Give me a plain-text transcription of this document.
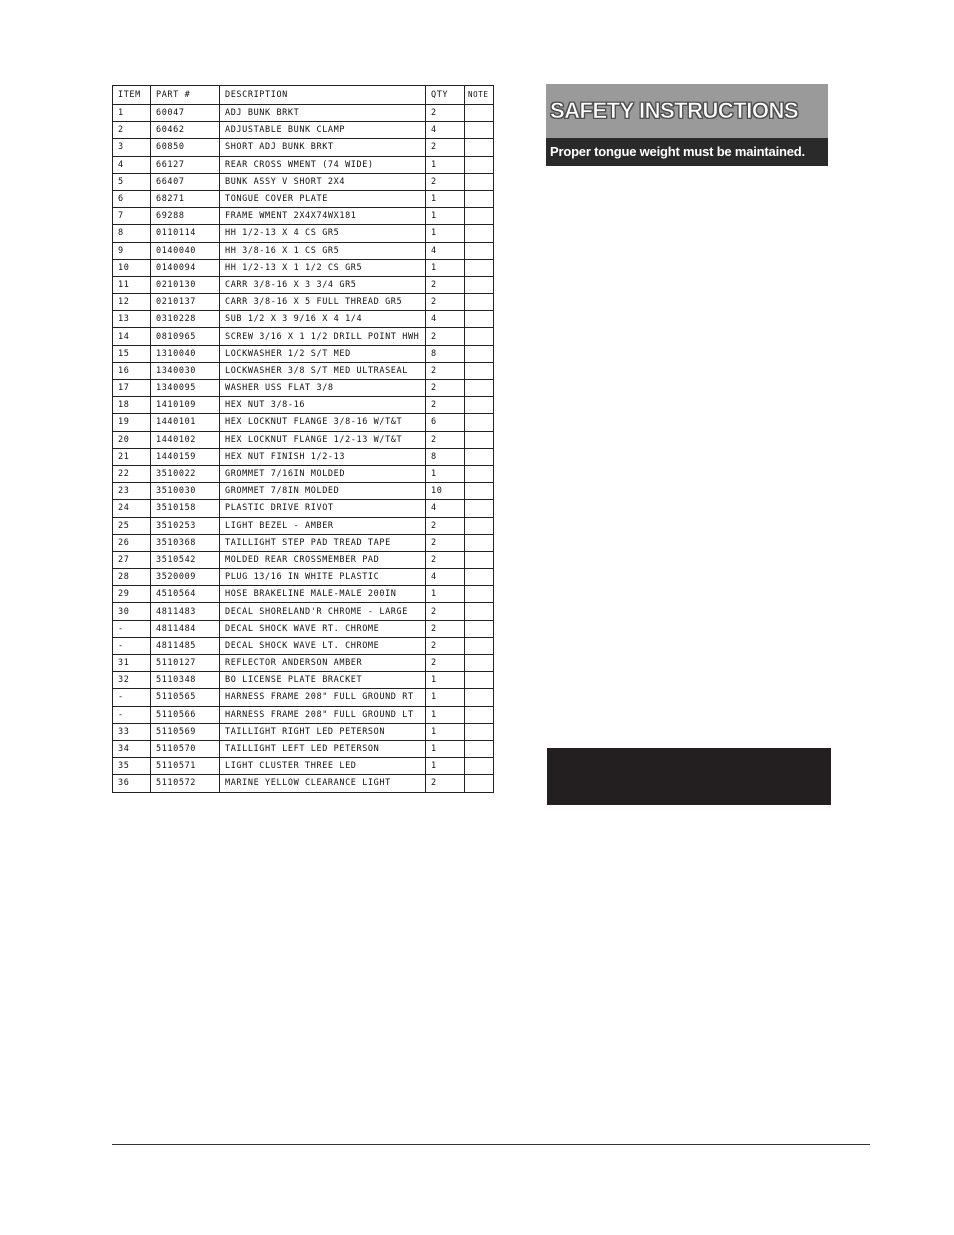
ITEM	PART #	DESCRIPTION	QTY	NOTE
1	60047	ADJ BUNK BRKT	2	
2	60462	ADJUSTABLE BUNK CLAMP	4	
3	60850	SHORT ADJ BUNK BRKT	2	
4	66127	REAR CROSS WMENT (74 WIDE)	1	
5	66407	BUNK ASSY V SHORT 2X4	2	
6	68271	TONGUE COVER PLATE	1	
7	69288	FRAME WMENT 2X4X74WX181	1	
8	0110114	HH 1/2-13 X 4 CS GR5	1	
9	0140040	HH 3/8-16 X 1 CS GR5	4	
10	0140094	HH 1/2-13 X 1 1/2 CS GR5	1	
11	0210130	CARR 3/8-16 X 3 3/4 GR5	2	
12	0210137	CARR 3/8-16 X 5 FULL THREAD GR5	2	
13	0310228	SUB 1/2 X 3 9/16 X 4 1/4	4	
14	0810965	SCREW 3/16 X 1 1/2 DRILL POINT HWH	2	
15	1310040	LOCKWASHER 1/2 S/T MED	8	
16	1340030	LOCKWASHER 3/8 S/T MED ULTRASEAL	2	
17	1340095	WASHER USS FLAT 3/8	2	
18	1410109	HEX NUT 3/8-16	2	
19	1440101	HEX LOCKNUT FLANGE 3/8-16 W/T&T	6	
20	1440102	HEX LOCKNUT FLANGE 1/2-13 W/T&T	2	
21	1440159	HEX NUT FINISH 1/2-13	8	
22	3510022	GROMMET 7/16IN MOLDED	1	
23	3510030	GROMMET 7/8IN MOLDED	10	
24	3510158	PLASTIC DRIVE RIVOT	4	
25	3510253	LIGHT BEZEL - AMBER	2	
26	3510368	TAILLIGHT STEP PAD TREAD TAPE	2	
27	3510542	MOLDED REAR CROSSMEMBER PAD	2	
28	3520009	PLUG 13/16 IN WHITE PLASTIC	4	
29	4510564	HOSE BRAKELINE MALE-MALE 200IN	1	
30	4811483	DECAL SHORELAND'R CHROME - LARGE	2	
-	4811484	DECAL SHOCK WAVE RT. CHROME	2	
-	4811485	DECAL SHOCK WAVE LT. CHROME	2	
31	5110127	REFLECTOR ANDERSON AMBER	2	
32	5110348	BO LICENSE PLATE BRACKET	1	
-	5110565	HARNESS FRAME 208" FULL GROUND RT	1	
-	5110566	HARNESS FRAME 208" FULL GROUND LT	1	
33	5110569	TAILLIGHT RIGHT LED PETERSON	1	
34	5110570	TAILLIGHT LEFT LED PETERSON	1	
35	5110571	LIGHT CLUSTER THREE LED	1	
36	5110572	MARINE YELLOW CLEARANCE LIGHT	2	
SAFETY INSTRUCTIONS
Proper tongue weight must be maintained.
